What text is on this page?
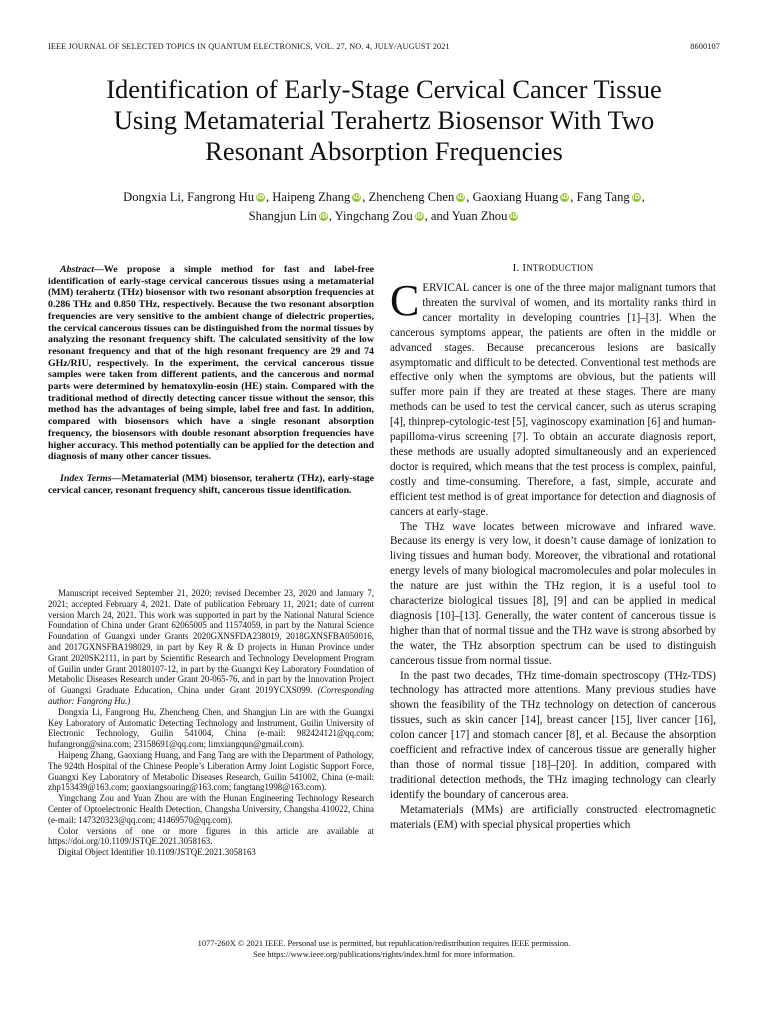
IEEE JOURNAL OF SELECTED TOPICS IN QUANTUM ELECTRONICS, VOL. 27, NO. 4, JULY/AUGUST 2021	8600107
Identification of Early-Stage Cervical Cancer Tissue
Using Metamaterial Terahertz Biosensor With Two
Resonant Absorption Frequencies
Dongxia Li, Fangrong Hu iD , Haipeng Zhang iD , Zhencheng Chen iD , Gaoxiang Huang iD , Fang Tang iD ,
Shangjun Lin iD , Yingchang Zou iD , and Yuan Zhou iD

Abstract—We propose a simple method for fast and label-free identification of early-stage cervical cancerous tissues using a metamaterial (MM) terahertz (THz) biosensor with two resonant absorption frequencies at 0.286 THz and 0.850 THz, respectively. Because the two resonant absorption frequencies are very sensitive to the ambient change of dielectric properties, the cervical cancerous tissues can be distinguished from the normal tissues by analyzing the resonant frequency shift. The calculated sensitivity of the low resonant frequency and that of the high resonant frequency are 29 and 74 GHz/RIU, respectively. In the experiment, the cervical cancerous tissue samples were taken from different patients, and the cancerous and normal parts were determined by hematoxylin-eosin (HE) stain. Compared with the traditional method of directly detecting cancer tissue without the sensor, this method has the advantages of being simple, label free and fast. In addition, compared with biosensors which have a single resonant absorption frequency, the biosensors with double resonant absorption frequencies have higher accuracy. This method potentially can be applied for the detection and diagnosis of many other cancer tissues.

Index Terms—Metamaterial (MM) biosensor, terahertz (THz), early-stage cervical cancer, resonant frequency shift, cancerous tissue identification.

Manuscript received September 21, 2020; revised December 23, 2020 and January 7, 2021; accepted February 4, 2021. Date of publication February 11, 2021; date of current version March 24, 2021. This work was supported in part by the National Natural Science Foundation of China under Grant 62065005 and 11574059, in part by the Natural Science Foundation of Guangxi under Grants 2020GXNSFDA238019, 2018GXNSFBA050016, and 2017GXNSFBA198029, in part by Key R & D projects in Hunan Province under Grant 2020SK2111, in part by Scientific Research and Technology Development Program of Guilin under Grant 20180107-12, in part by the Guangxi Key Laboratory Foundation of Metabolic Diseases Research under Grant 20-065-76, and in part by the Innovation Project of Guangxi Graduate Education, China under Grant 2019YCXS099. (Corresponding author: Fangrong Hu.)

Dongxia Li, Fangrong Hu, Zhencheng Chen, and Shangjun Lin are with the Guangxi Key Laboratory of Automatic Detecting Technology and Instrument, Guilin University of Electronic Technology, Guilin 541004, China (e-mail: 982424121@qq.com; hufangrong@sina.com; 23158691@qq.com; limxiangqun@gmail.com).

Haipeng Zhang, Gaoxiang Huang, and Fang Tang are with the Department of Pathology, The 924th Hospital of the Chinese People’s Liberation Army Joint Logistic Support Force, Guangxi Key Laboratory of Metabolic Diseases Research, Guilin 541002, China (e-mail: zhp153439@163.com; gaoxiangsoaring@163.com; fangtang1998@163.com).

Yingchang Zou and Yuan Zhou are with the Hunan Engineering Technology Research Center of Optoelectronic Health Detection, Changsha University, Changsha 410022, China (e-mail: 147320323@qq.com; 41469570@qq.com).

Color versions of one or more figures in this article are available at https://doi.org/10.1109/JSTQE.2021.3058163.

Digital Object Identifier 10.1109/JSTQE.2021.3058163

I. INTRODUCTION

CERVICAL cancer is one of the three major malignant tumors that threaten the survival of women, and its mortality ranks third in cancer mortality in developing countries [1]–[3]. When the cancerous symptoms appear, the patients are often in the middle or advanced stages. Because precancerous lesions are basically asymptomatic and difficult to be detected. Conventional test methods are effective only when the symptoms are obvious, but the patients will suffer more pain if they are treated at these stages. There are many methods can be used to test the cervical cancer, such as uterus scraping [4], thinprep-cytologic-test [5], vaginoscopy examination [6] and human-papilloma-virus screening [7]. To obtain an accurate diagnosis report, these methods are usually adopted simultaneously and an experienced doctor is required, which means that the test process is complex, painful, costly and time-consuming. Therefore, a fast, simple, accurate and efficient test method is of great importance for detection and diagnosis of cancers at early-stage.

The THz wave locates between microwave and infrared wave. Because its energy is very low, it doesn’t cause damage of ionization to living tissues and human body. Moreover, the vibrational and rotational energy levels of many biological macromolecules and polar molecules in the nature are just within the THz region, it is a useful tool to characterize biological tissues [8], [9] and can be applied in medical diagnosis [10]–[13]. Generally, the water content of cancerous tissue is higher than that of normal tissue and the THz wave is strong absorbed by the water, the THz absorption spectrum can be used to distinguish cancerous tissue from normal tissue.

In the past two decades, THz time-domain spectroscopy (THz-TDS) technology has attracted more attentions. Many previous studies have shown the feasibility of the THz technology on detection of cancerous tissues, such as skin cancer [14], breast cancer [15], liver cancer [16], colon cancer [17] and stomach cancer [8], et al. Because the absorption coefficient and refractive index of cancerous tissue are generally higher than those of normal tissue [18]–[20]. In addition, compared with traditional detection methods, the THz imaging technology can clearly identify the boundary of cancerous area.

Metamaterials (MMs) are artificially constructed electromagnetic materials (EM) with special physical properties which

1077-260X © 2021 IEEE. Personal use is permitted, but republication/redistribution requires IEEE permission.
See https://www.ieee.org/publications/rights/index.html for more information.
